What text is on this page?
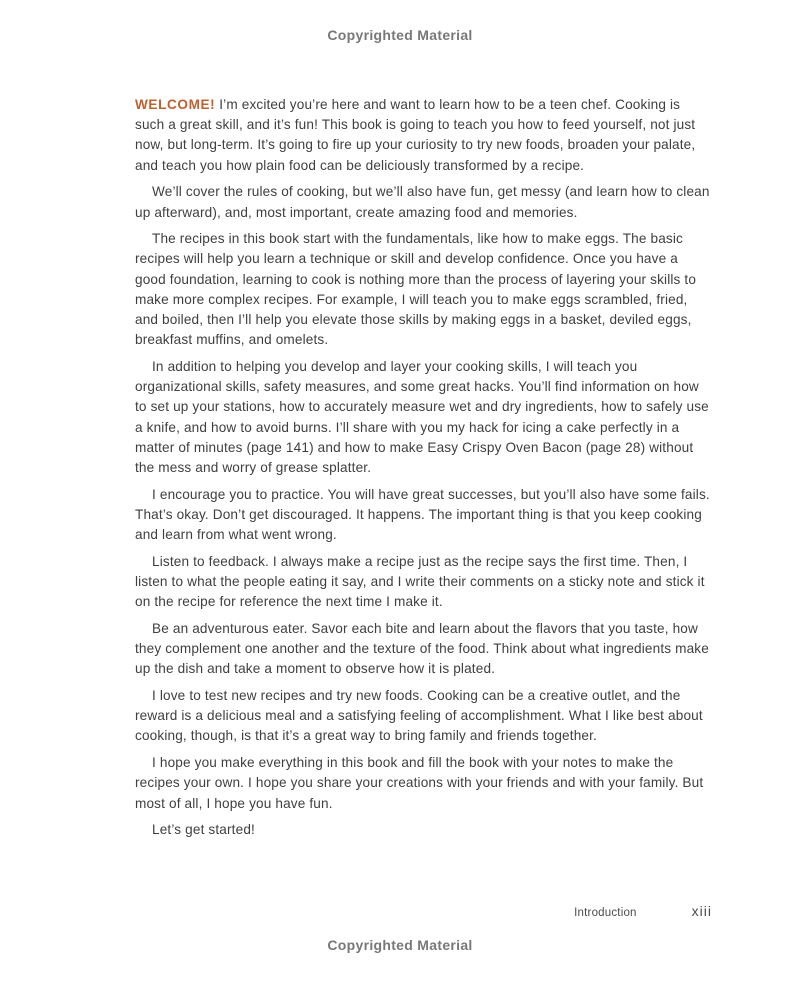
Copyrighted Material

WELCOME! I’m excited you’re here and want to learn how to be a teen chef. Cooking is such a great skill, and it’s fun! This book is going to teach you how to feed yourself, not just now, but long-term. It’s going to fire up your curiosity to try new foods, broaden your palate, and teach you how plain food can be deliciously transformed by a recipe.

We’ll cover the rules of cooking, but we’ll also have fun, get messy (and learn how to clean up afterward), and, most important, create amazing food and memories.

The recipes in this book start with the fundamentals, like how to make eggs. The basic recipes will help you learn a technique or skill and develop confidence. Once you have a good foundation, learning to cook is nothing more than the process of layering your skills to make more complex recipes. For example, I will teach you to make eggs scrambled, fried, and boiled, then I’ll help you elevate those skills by making eggs in a basket, deviled eggs, breakfast muffins, and omelets.

In addition to helping you develop and layer your cooking skills, I will teach you organizational skills, safety measures, and some great hacks. You’ll find information on how to set up your stations, how to accurately measure wet and dry ingredients, how to safely use a knife, and how to avoid burns. I’ll share with you my hack for icing a cake perfectly in a matter of minutes (page 141) and how to make Easy Crispy Oven Bacon (page 28) without the mess and worry of grease splatter.

I encourage you to practice. You will have great successes, but you’ll also have some fails. That’s okay. Don’t get discouraged. It happens. The important thing is that you keep cooking and learn from what went wrong.

Listen to feedback. I always make a recipe just as the recipe says the first time. Then, I listen to what the people eating it say, and I write their comments on a sticky note and stick it on the recipe for reference the next time I make it.

Be an adventurous eater. Savor each bite and learn about the flavors that you taste, how they complement one another and the texture of the food. Think about what ingredients make up the dish and take a moment to observe how it is plated.

I love to test new recipes and try new foods. Cooking can be a creative outlet, and the reward is a delicious meal and a satisfying feeling of accomplishment. What I like best about cooking, though, is that it’s a great way to bring family and friends together.

I hope you make everything in this book and fill the book with your notes to make the recipes your own. I hope you share your creations with your friends and with your family. But most of all, I hope you have fun.

Let’s get started!

Introduction	xiii
Copyrighted Material
